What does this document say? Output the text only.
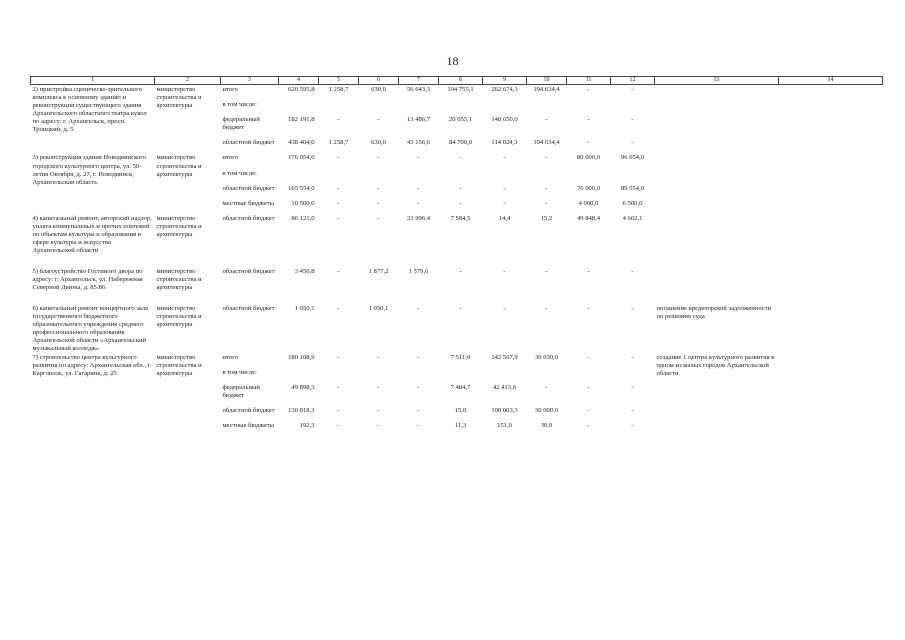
18
1	2	3	4	5	6	7	8	9	10	11	12	13	14
2) пристройка сценическо-зрительного комплекса к основному зданию и реконструкция существующего здания Архангельского областного театра кукол по адресу: г. Архангельск, просп. Троицкий, д. 5	министерство строительства и архитектуры	итого	620 595,8	1 258,7	630,0	56 643,3	104 755,1	262 674,3	194 634,4	-	-		
		в том числе:											
		федеральный бюджет	182 191,8	-	-	13 486,7	20 055,1	148 650,0	-	-	-		
		областной бюджет	438 404,0	1 258,7	630,0	43 156,6	84 700,0	114 024,3	194 634,4	-	-		
3) реконструкция здания Новодвинского городского культурного центра, ул. 50-летия Октября, д. 27, г. Новодвинск, Архангельская область	министерство строительства и архитектуры	итого	176 054,0	-	-	-	-	-	-	80 000,0	96 054,0		
		в том числе:											
		областной бюджет	165 554,0	-	-	-	-	-	-	76 000,0	89 554,0		
		местные бюджеты	10 500,0	-	-	-	-	-	-	4 000,0	6 500,0		
4) капитальный ремонт, авторский надзор, уплата коммунальных и прочих платежей по объектам культуры и образования в сфере культуры и искусства Архангельской области	министерство строительства и архитектуры	областной бюджет	86 121,0	-	-	23 996,4	7 584,5	14,4	15,2	49 848,4	4 662,1		
5) благоустройство Гостиного двора по адресу: г. Архангельск, ул. Набережная Северной Двины, д. 85/86	министерство строительства и архитектуры	областной бюджет	3 456,8	-	1 877,2	1 579,6	-	-	-	-	-		
6) капитальный ремонт концертного зала государственного бюджетного образовательного учреждения среднего профессионального образования Архангельской области «Архангельский музыкальный колледж»	министерство строительства и архитектуры	областной бюджет	1 050,1	-	1 050,1	-	-	-	-	-	-	погашение кредиторской задолженности по решению суда	
7) строительство центра культурного развития по адресу: Архангельская обл., г. Каргополь, ул. Гагарина, д. 25	министерство строительства и архитектуры	итого	180 108,9	-	-	-	7 511,0	142 567,9	30 030,0	-	-	создание 1 центра культурного развития в одном из малых городов Архангельской области	
		в том числе:											
		федеральный бюджет	49 898,3	-	-	-	7 484,7	42 413,6	-	-	-		
		областной бюджет	130 018,3	-	-	-	15,0	100 003,3	30 000,0	-	-		
		местные бюджеты	192,3	-	-	-	11,3	151,0	30,0	-	-		
